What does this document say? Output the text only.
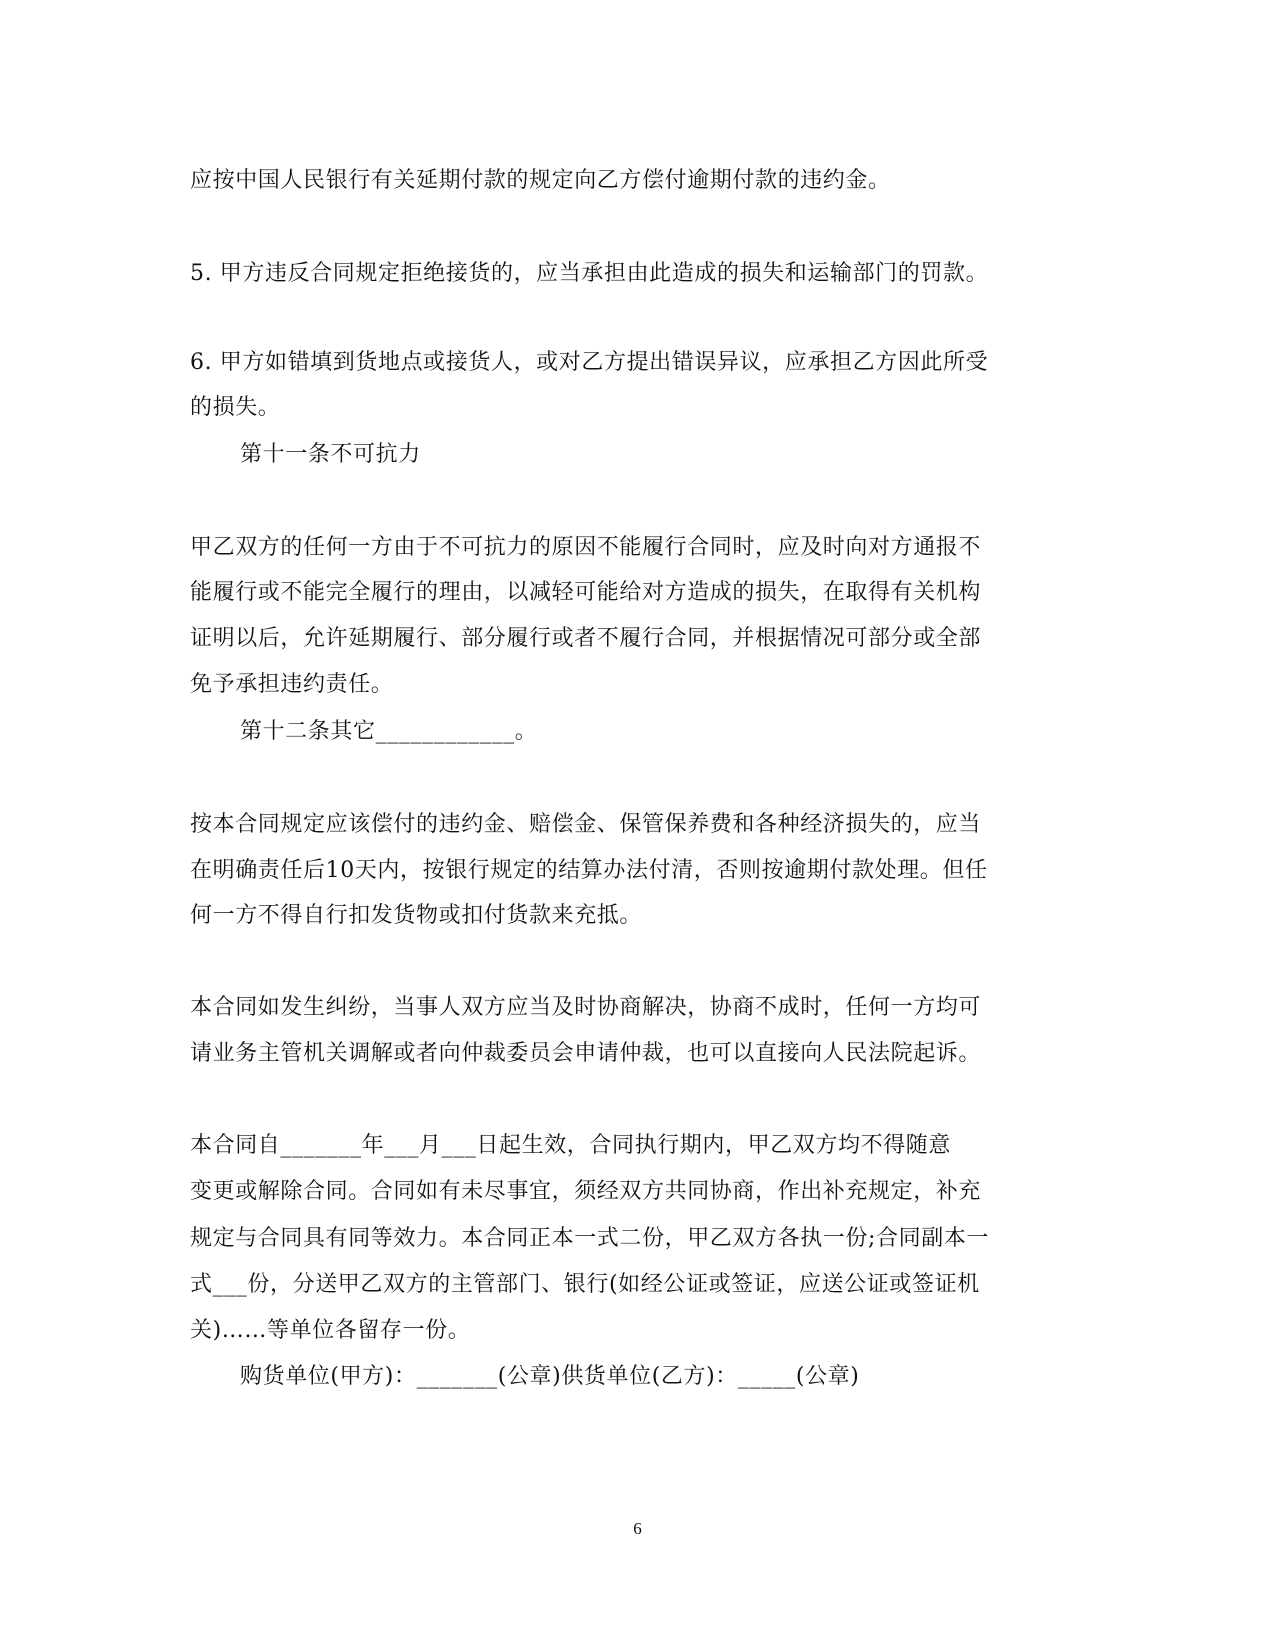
应按中国人民银行有关延期付款的规定向乙方偿付逾期付款的违约金。
5. 甲方违反合同规定拒绝接货的，应当承担由此造成的损失和运输部门的罚款。
6. 甲方如错填到货地点或接货人，或对乙方提出错误异议，应承担乙方因此所受
的损失。
第十一条不可抗力
甲乙双方的任何一方由于不可抗力的原因不能履行合同时，应及时向对方通报不
能履行或不能完全履行的理由，以减轻可能给对方造成的损失，在取得有关机构
证明以后，允许延期履行、部分履行或者不履行合同，并根据情况可部分或全部
免予承担违约责任。
第十二条其它____________。
按本合同规定应该偿付的违约金、赔偿金、保管保养费和各种经济损失的，应当
在明确责任后10天内，按银行规定的结算办法付清，否则按逾期付款处理。但任
何一方不得自行扣发货物或扣付货款来充抵。
本合同如发生纠纷，当事人双方应当及时协商解决，协商不成时，任何一方均可
请业务主管机关调解或者向仲裁委员会申请仲裁，也可以直接向人民法院起诉。
本合同自_______年___月___日起生效，合同执行期内，甲乙双方均不得随意
变更或解除合同。合同如有未尽事宜，须经双方共同协商，作出补充规定，补充
规定与合同具有同等效力。本合同正本一式二份，甲乙双方各执一份;合同副本一
式___份，分送甲乙双方的主管部门、银行(如经公证或签证，应送公证或签证机
关)……等单位各留存一份。
购货单位(甲方)：_______(公章)供货单位(乙方)：_____(公章)
6
